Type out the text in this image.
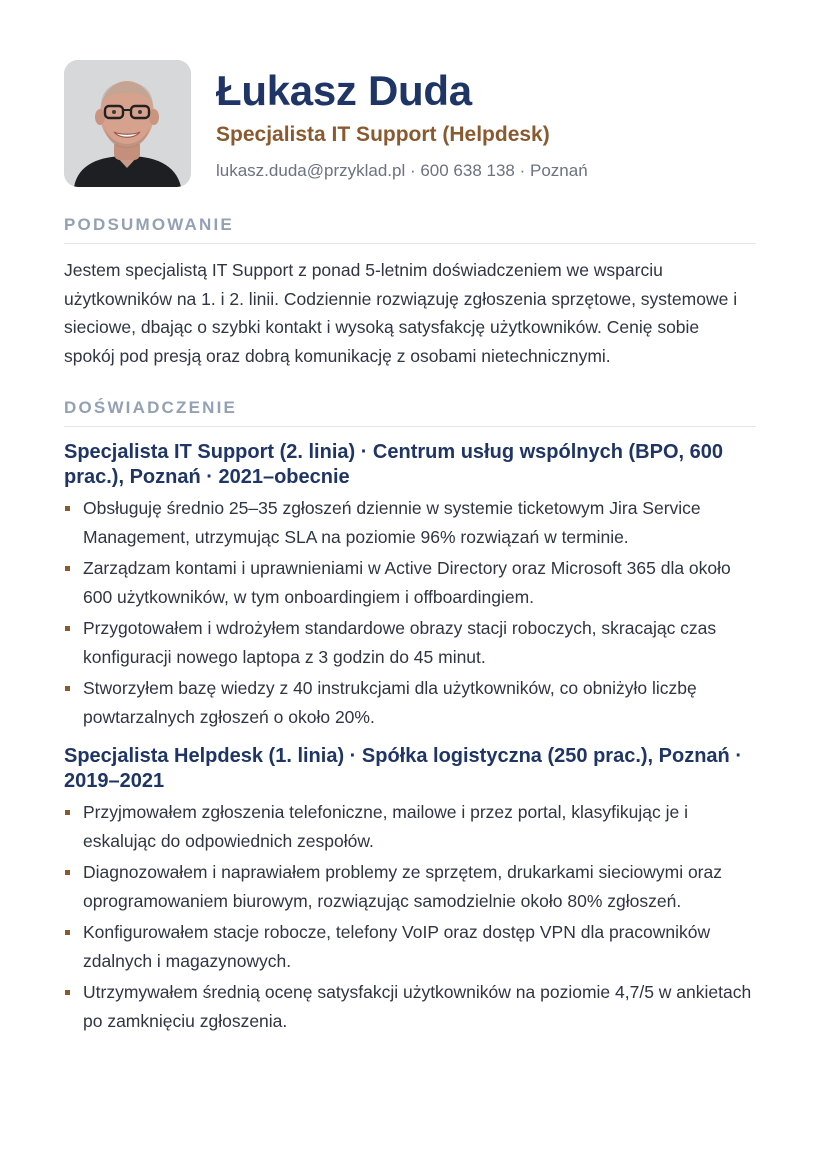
Łukasz Duda
Specjalista IT Support (Helpdesk)
lukasz.duda@przyklad.pl · 600 638 138 · Poznań
PODSUMOWANIE

Jestem specjalistą IT Support z ponad 5-letnim doświadczeniem we wsparciu użytkowników na 1. i 2. linii. Codziennie rozwiązuję zgłoszenia sprzętowe, systemowe i sieciowe, dbając o szybki kontakt i wysoką satysfakcję użytkowników. Cenię sobie spokój pod presją oraz dobrą komunikację z osobami nietechnicznymi.

DOŚWIADCZENIE
Specjalista IT Support (2. linia) · Centrum usług wspólnych (BPO, 600 prac.), Poznań · 2021–obecnie
Obsługuję średnio 25–35 zgłoszeń dziennie w systemie ticketowym Jira Service Management, utrzymując SLA na poziomie 96% rozwiązań w terminie.
Zarządzam kontami i uprawnieniami w Active Directory oraz Microsoft 365 dla około 600 użytkowników, w tym onboardingiem i offboardingiem.
Przygotowałem i wdrożyłem standardowe obrazy stacji roboczych, skracając czas konfiguracji nowego laptopa z 3 godzin do 45 minut.
Stworzyłem bazę wiedzy z 40 instrukcjami dla użytkowników, co obniżyło liczbę powtarzalnych zgłoszeń o około 20%.
Specjalista Helpdesk (1. linia) · Spółka logistyczna (250 prac.), Poznań · 2019–2021
Przyjmowałem zgłoszenia telefoniczne, mailowe i przez portal, klasyfikując je i eskalując do odpowiednich zespołów.
Diagnozowałem i naprawiałem problemy ze sprzętem, drukarkami sieciowymi oraz oprogramowaniem biurowym, rozwiązując samodzielnie około 80% zgłoszeń.
Konfigurowałem stacje robocze, telefony VoIP oraz dostęp VPN dla pracowników zdalnych i magazynowych.
Utrzymywałem średnią ocenę satysfakcji użytkowników na poziomie 4,7/5 w ankietach po zamknięciu zgłoszenia.
